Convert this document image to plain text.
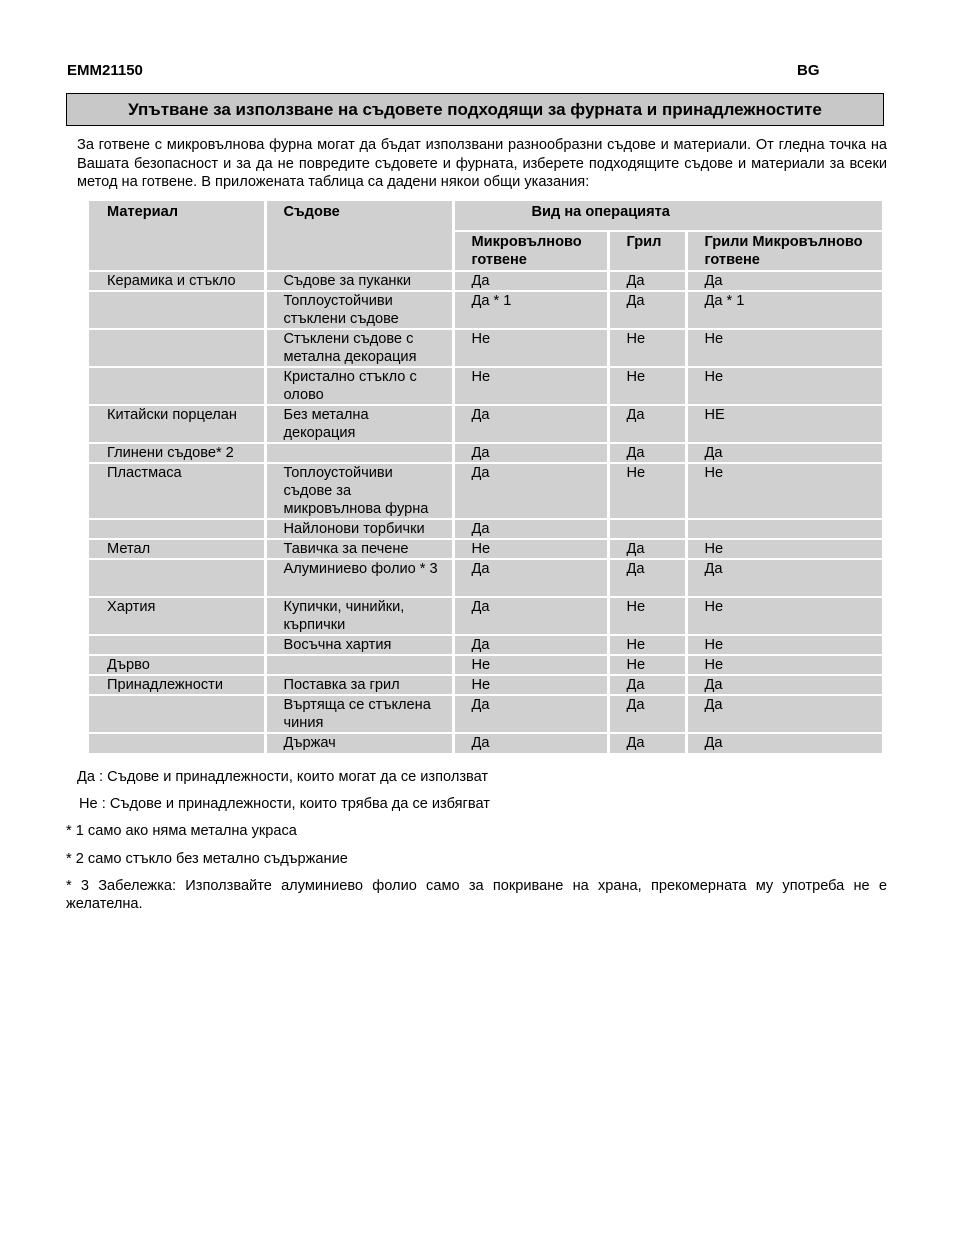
EMM21150	BG
Упътване за използване на съдовете подходящи за фурната и принадлежностите
За готвене с микровълнова фурна могат да бъдат използвани разнообразни съдове и материали. От гледна точка на Вашата безопасност и за да не повредите съдовете и фурната, изберете подходящите съдове и материали за всеки метод на готвене. В приложената таблица са дадени някои общи указания:
Материал	Съдове	Вид на операцията		
		Микровълново готвене	Грил	Грили Микровълново готвене
Керамика и стъкло	Съдове за пуканки	Да	Да	Да
	Топлоустойчиви стъклени съдове	Да * 1	Да	Да * 1
	Стъклени съдове с метална декорация	Не	Не	Не
	Кристално стъкло с олово	Не	Не	Не
Китайски порцелан	Без метална декорация	Да	Да	НЕ
Глинени съдове* 2		Да	Да	Да
Пластмаса	Топлоустойчиви съдове за микровълнова фурна	Да	Не	Не
	Найлонови торбички	Да		
Метал	Тавичка за печене	Не	Да	Не
	Алуминиево фолио * 3	Да	Да	Да
Хартия	Купички, чинийки, кърпички	Да	Не	Не
	Восъчна хартия	Да	Не	Не
Дърво		Не	Не	Не
Принадлежности	Поставка за грил	Не	Да	Да
	Въртяща се стъклена чиния	Да	Да	Да
	Държач	Да	Да	Да
Да : Съдове и принадлежности, които могат да се използват
Не : Съдове и принадлежности, които трябва да се избягват
* 1 само ако няма метална украса
* 2 само стъкло без метално съдържание
* 3 Забележка: Използвайте алуминиево фолио само за покриване на храна, прекомерната му употреба не е желателна.
